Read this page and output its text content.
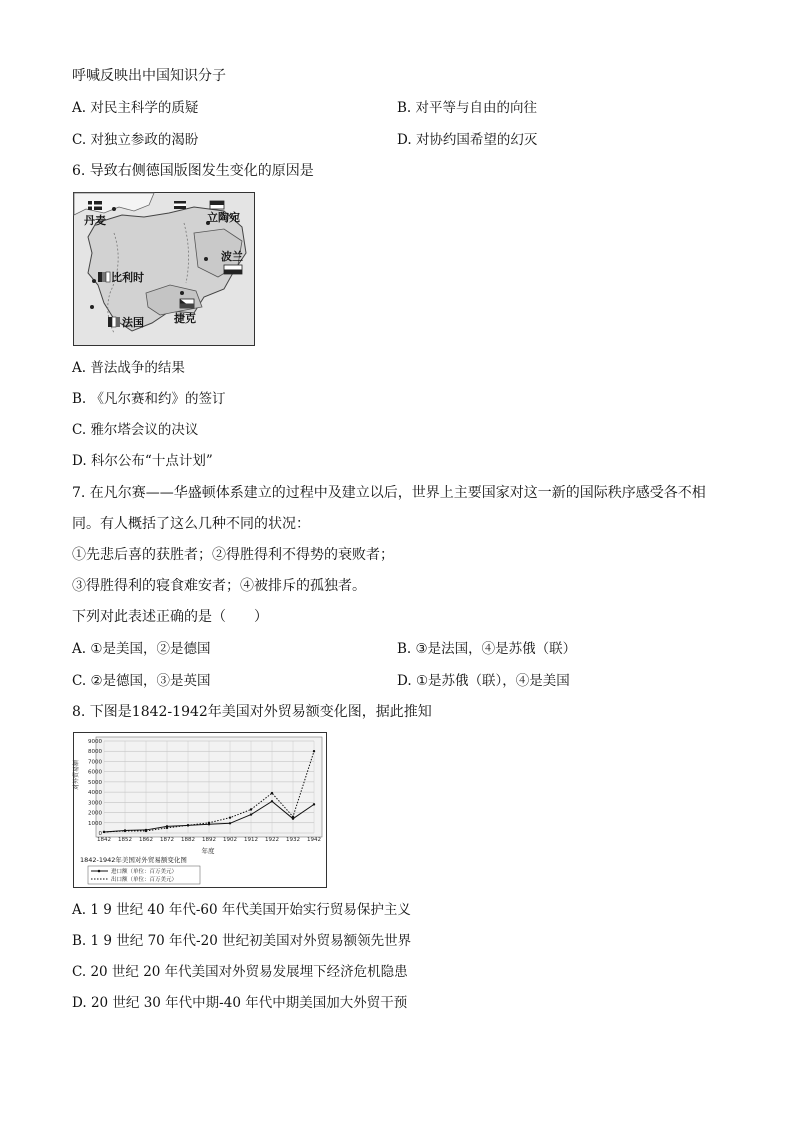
呼喊反映出中国知识分子
A. 对民主科学的质疑	B. 对平等与自由的向往
C. 对独立参政的渴盼	D. 对协约国希望的幻灭
6. 导致右侧德国版图发生变化的原因是
丹麦	立陶宛
波兰
比利时
捷克
法国
A. 普法战争的结果
B. 《凡尔赛和约》的签订
C. 雅尔塔会议的决议
D. 科尔公布“十点计划”
7. 在凡尔赛——华盛顿体系建立的过程中及建立以后，世界上主要国家对这一新的国际秩序感受各不相
同。有人概括了这么几种不同的状况：
①先悲后喜的获胜者；②得胜得利不得势的衰败者；
③得胜得利的寝食难安者；④被排斥的孤独者。
下列对此表述正确的是（　　）
A. ①是美国，②是德国	B. ③是法国，④是苏俄（联）
C. ②是德国，③是英国	D. ①是苏俄（联），④是美国
8. 下图是1842-1942年美国对外贸易额变化图，据此推知
0
1000
2000
3000
4000
5000
6000
7000
8000
9000
1842 1852 1862 1872 1882 1892 1902 1912 1922 1932 1942
对外贸易额
年度
1842-1942年美国对外贸易额变化图
进口额（单位：百万美元）
出口额（单位：百万美元）
A. 1 9 世纪 40 年代-60 年代美国开始实行贸易保护主义
B. 1 9 世纪 70 年代-20 世纪初美国对外贸易额领先世界
C. 20 世纪 20 年代美国对外贸易发展埋下经济危机隐患
D. 20 世纪 30 年代中期-40 年代中期美国加大外贸干预
